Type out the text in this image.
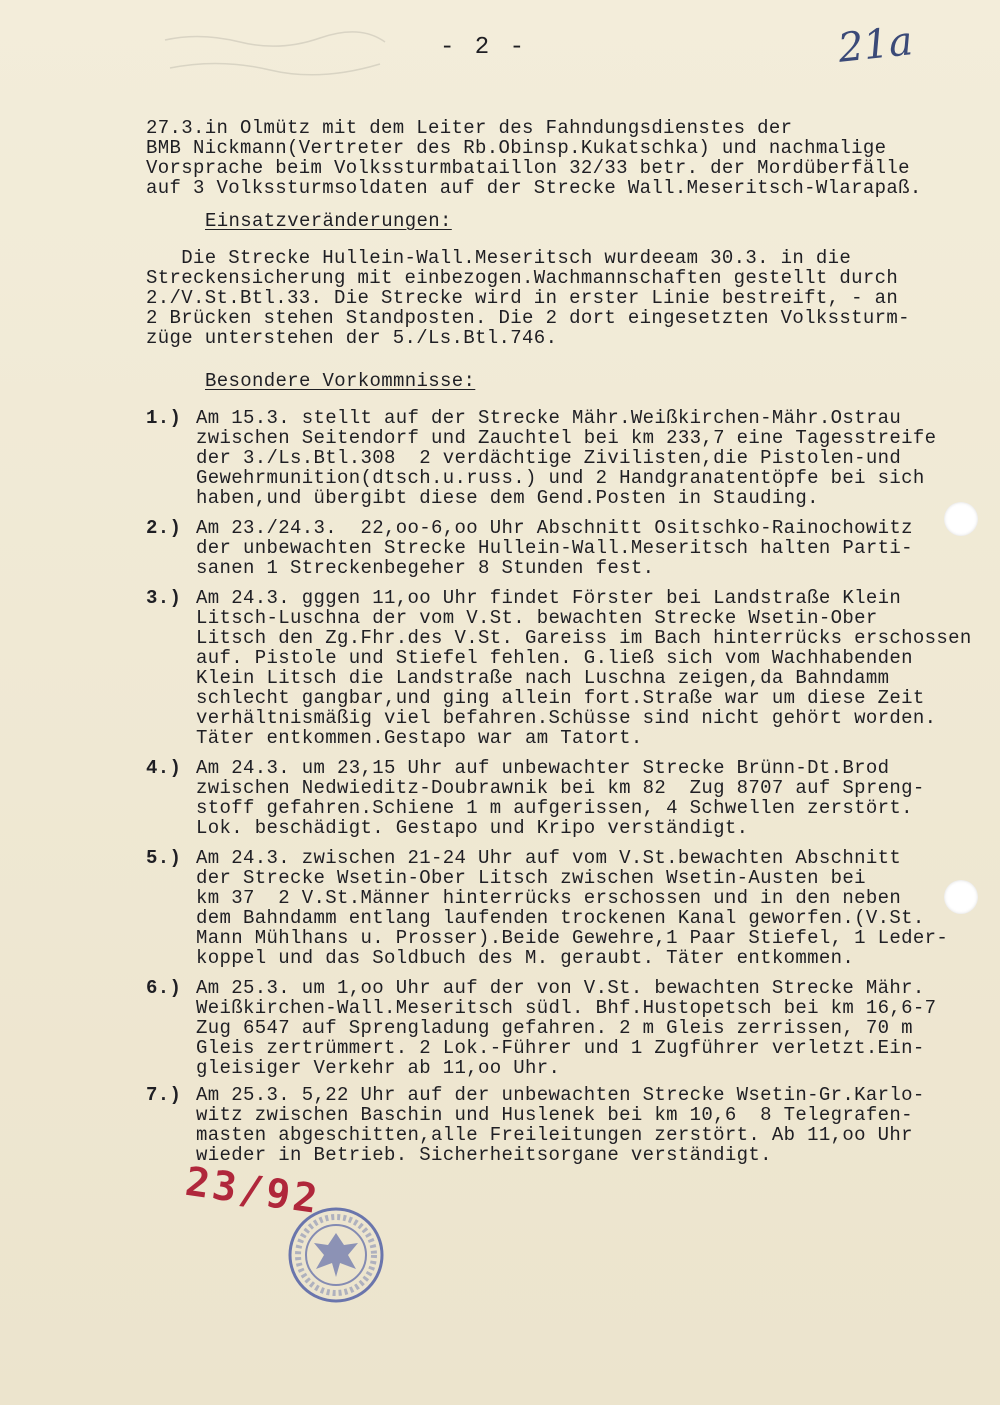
- 2 -	21a
27.3.in Olmütz mit dem Leiter des Fahndungsdienstes der
BMB Nickmann(Vertreter des Rb.Obinsp.Kukatschka) und nachmalige
Vorsprache beim Volkssturmbataillon 32/33 betr. der Mordüberfälle
auf 3 Volkssturmsoldaten auf der Strecke Wall.Meseritsch-Wlarapaß.
Einsatzveränderungen:
Die Strecke Hullein-Wall.Meseritsch wurdeeam 30.3. in die
Streckensicherung mit einbezogen.Wachmannschaften gestellt durch
2./V.St.Btl.33. Die Strecke wird in erster Linie bestreift, - an
2 Brücken stehen Standposten. Die 2 dort eingesetzten Volkssturm-
züge unterstehen der 5./Ls.Btl.746.
Besondere Vorkommnisse:
1.) Am 15.3. stellt auf der Strecke Mähr.Weißkirchen-Mähr.Ostrau
zwischen Seitendorf und Zauchtel bei km 233,7 eine Tagesstreife
der 3./Ls.Btl.308  2 verdächtige Zivilisten,die Pistolen-und
Gewehrmunition(dtsch.u.russ.) und 2 Handgranatentöpfe bei sich
haben,und übergibt diese dem Gend.Posten in Stauding.
2.) Am 23./24.3.  22,oo-6,oo Uhr Abschnitt Ositschko-Rainochowitz
der unbewachten Strecke Hullein-Wall.Meseritsch halten Parti-
sanen 1 Streckenbegeher 8 Stunden fest.
3.) Am 24.3. gggen 11,oo Uhr findet Förster bei Landstraße Klein
Litsch-Luschna der vom V.St. bewachten Strecke Wsetin-Ober
Litsch den Zg.Fhr.des V.St. Gareiss im Bach hinterrücks erschossen
auf. Pistole und Stiefel fehlen. G.ließ sich vom Wachhabenden
Klein Litsch die Landstraße nach Luschna zeigen,da Bahndamm
schlecht gangbar,und ging allein fort.Straße war um diese Zeit
verhältnismäßig viel befahren.Schüsse sind nicht gehört worden.
Täter entkommen.Gestapo war am Tatort.
4.) Am 24.3. um 23,15 Uhr auf unbewachter Strecke Brünn-Dt.Brod
zwischen Nedwieditz-Doubrawnik bei km 82  Zug 8707 auf Spreng-
stoff gefahren.Schiene 1 m aufgerissen, 4 Schwellen zerstört.
Lok. beschädigt. Gestapo und Kripo verständigt.
5.) Am 24.3. zwischen 21-24 Uhr auf vom V.St.bewachten Abschnitt
der Strecke Wsetin-Ober Litsch zwischen Wsetin-Austen bei
km 37  2 V.St.Männer hinterrücks erschossen und in den neben
dem Bahndamm entlang laufenden trockenen Kanal geworfen.(V.St.
Mann Mühlhans u. Prosser).Beide Gewehre,1 Paar Stiefel, 1 Leder-
koppel und das Soldbuch des M. geraubt. Täter entkommen.
6.) Am 25.3. um 1,oo Uhr auf der von V.St. bewachten Strecke Mähr.
Weißkirchen-Wall.Meseritsch südl. Bhf.Hustopetsch bei km 16,6-7
Zug 6547 auf Sprengladung gefahren. 2 m Gleis zerrissen, 70 m
Gleis zertrümmert. 2 Lok.-Führer und 1 Zugführer verletzt.Ein-
gleisiger Verkehr ab 11,oo Uhr.
7.) Am 25.3. 5,22 Uhr auf der unbewachten Strecke Wsetin-Gr.Karlo-
witz zwischen Baschin und Huslenek bei km 10,6  8 Telegrafen-
masten abgeschitten,alle Freileitungen zerstört. Ab 11,oo Uhr
wieder in Betrieb. Sicherheitsorgane verständigt.
23/92
